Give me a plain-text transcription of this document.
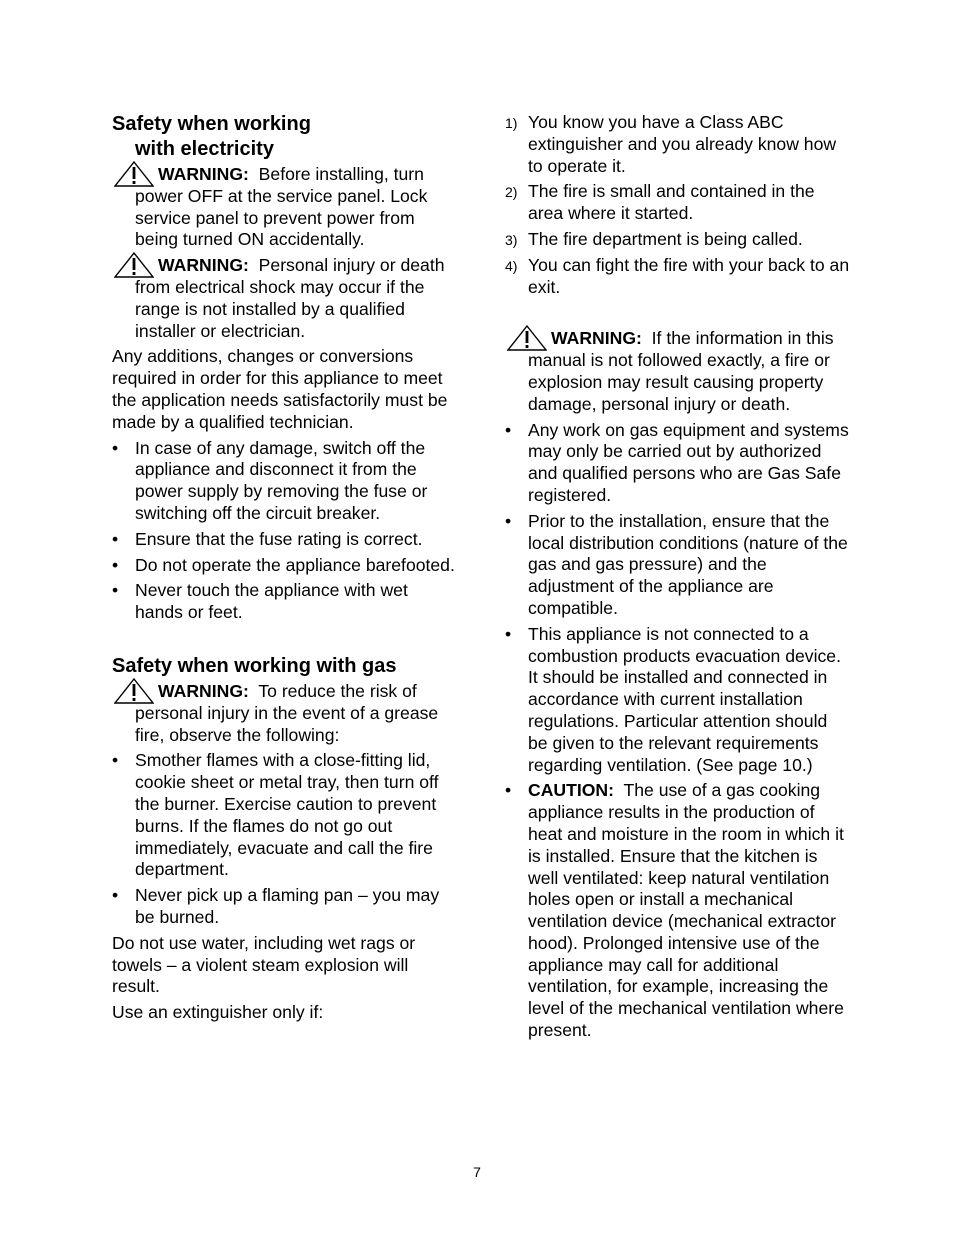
Safety when working
with electricity
WARNING: Before installing, turn power OFF at the service panel. Lock service panel to prevent power from being turned ON accidentally.
WARNING: Personal injury or death from electrical shock may occur if the range is not installed by a qualified installer or electrician.

Any additions, changes or conversions required in order for this appliance to meet the application needs satisfactorily must be made by a qualified technician.

• In case of any damage, switch off the appliance and disconnect it from the power supply by removing the fuse or switching off the circuit breaker.
• Ensure that the fuse rating is correct.
• Do not operate the appliance barefooted.
• Never touch the appliance with wet hands or feet.
Safety when working with gas
WARNING: To reduce the risk of personal injury in the event of a grease fire, observe the following:
• Smother flames with a close-fitting lid, cookie sheet or metal tray, then turn off the burner. Exercise caution to prevent burns. If the flames do not go out immediately, evacuate and call the fire department.
• Never pick up a flaming pan – you may be burned.

Do not use water, including wet rags or towels – a violent steam explosion will result.

Use an extinguisher only if:

1) You know you have a Class ABC extinguisher and you already know how to operate it.
2) The fire is small and contained in the area where it started.
3) The fire department is being called.
4) You can fight the fire with your back to an exit.
WARNING: If the information in this manual is not followed exactly, a fire or explosion may result causing property damage, personal injury or death.
• Any work on gas equipment and systems may only be carried out by authorized and qualified persons who are Gas Safe registered.
• Prior to the installation, ensure that the local distribution conditions (nature of the gas and gas pressure) and the adjustment of the appliance are compatible.
• This appliance is not connected to a combustion products evacuation device. It should be installed and connected in accordance with current installation regulations. Particular attention should be given to the relevant requirements regarding ventilation. (See page 10.)
• CAUTION: The use of a gas cooking appliance results in the production of heat and moisture in the room in which it is installed. Ensure that the kitchen is well ventilated: keep natural ventilation holes open or install a mechanical ventilation device (mechanical extractor hood). Prolonged intensive use of the appliance may call for additional ventilation, for example, increasing the level of the mechanical ventilation where present.
7
